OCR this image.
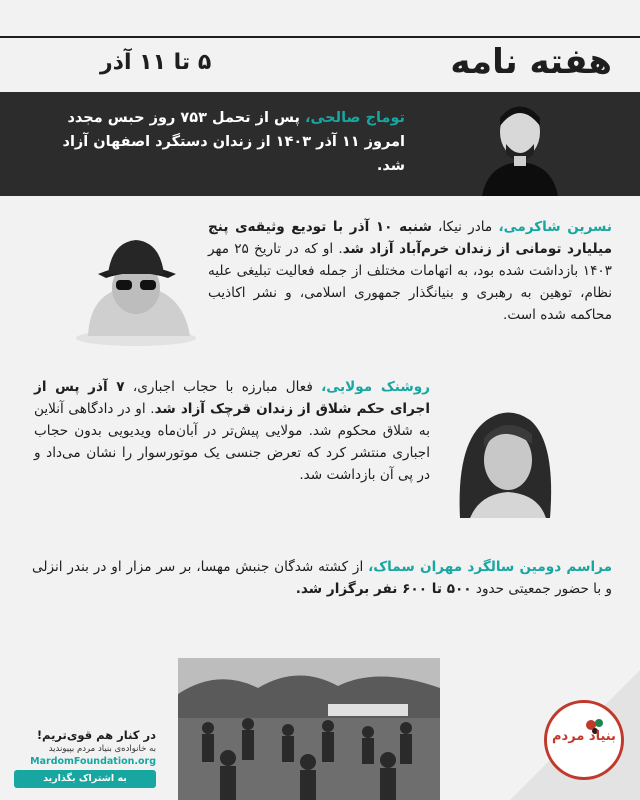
هفته نامه
۵ تا ۱۱ آذر
توماج صالحی، پس از تحمل ۷۵۳ روز حبس مجدد امروز ۱۱ آذر ۱۴۰۳ از زندان دستگرد اصفهان آزاد شد.
نسرین شاکرمی، مادر نیکا، شنبه ۱۰ آذر با تودیع وثیقه‌ی پنج میلیارد تومانی از زندان خرم‌آباد آزاد شد. او که در تاریخ ۲۵ مهر ۱۴۰۳ بازداشت شده بود، به اتهامات مختلف از جمله فعالیت تبلیغی علیه نظام، توهین به رهبری و بنیانگذار جمهوری اسلامی، و نشر اکاذیب محاکمه شده است.
روشنک مولایی، فعال مبارزه با حجاب اجباری، ۷ آذر پس از اجرای حکم شلاق از زندان قرچک آزاد شد. او در دادگاهی آنلاین به شلاق محکوم شد. مولایی پیش‌تر در آبان‌ماه ویدیویی بدون حجاب اجباری منتشر کرد که تعرض جنسی یک موتورسوار را نشان می‌داد و در پی آن بازداشت شد.
مراسم دومین سالگرد مهران سماک، از کشته شدگان جنبش مهسا، بر سر مزار او در بندر انزلی و با حضور جمعیتی حدود ۵۰۰ تا ۶۰۰ نفر برگزار شد.
در کنار هم قوی‌تریم!
به خانواده‌ی بنیاد مردم بپیوندید
MardomFoundation.org
به اشتراک بگذارید
بنیاد مردم
